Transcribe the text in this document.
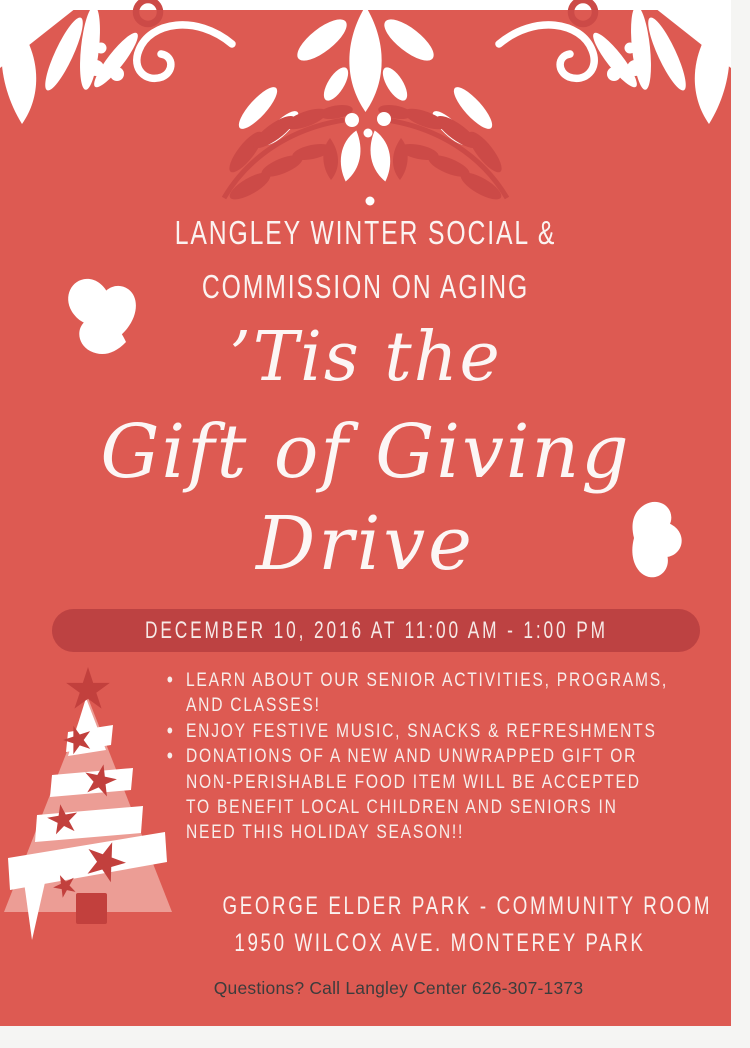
LANGLEY WINTER SOCIAL &
COMMISSION ON AGING
’Tis the
Gift of Giving
Drive
DECEMBER 10, 2016 AT 11:00 AM - 1:00 PM
• LEARN ABOUT OUR SENIOR ACTIVITIES, PROGRAMS,
AND CLASSES!
• ENJOY FESTIVE MUSIC, SNACKS & REFRESHMENTS
• DONATIONS OF A NEW AND UNWRAPPED GIFT OR
NON-PERISHABLE FOOD ITEM WILL BE ACCEPTED
TO BENEFIT LOCAL CHILDREN AND SENIORS IN
NEED THIS HOLIDAY SEASON!!
GEORGE ELDER PARK - COMMUNITY ROOM
1950 WILCOX AVE. MONTEREY PARK
Questions? Call Langley Center 626-307-1373
